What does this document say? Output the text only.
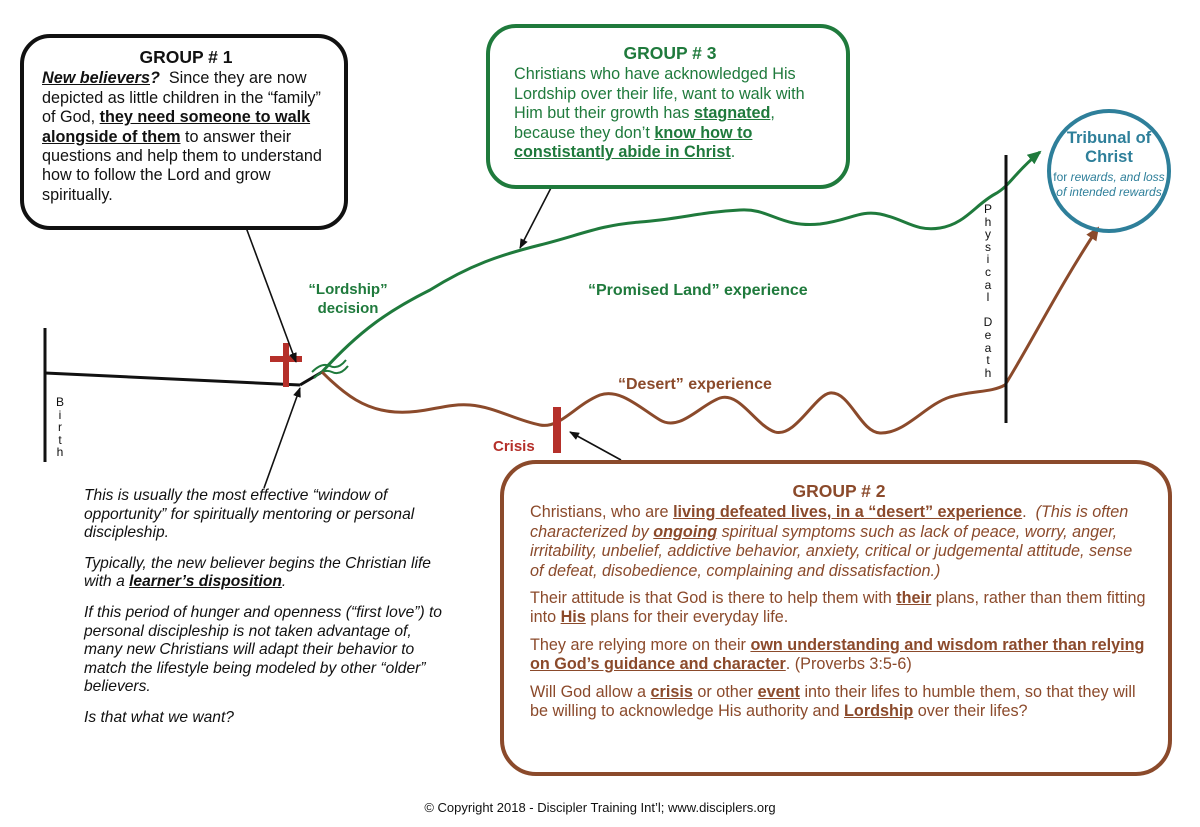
GROUP # 1
New believers?  Since they are now depicted as little children in the “family” of God, they need someone to walk alongside of them to answer their questions and help them to understand how to follow the Lord and grow spiritually.
GROUP # 3
Christians who have acknowledged His Lordship over their life, want to walk with Him but their growth has stagnated, because they don’t know how to constistantly abide in Christ.
Tribunal of Christ
for rewards, and loss of intended rewards
“Lordship” decision
“Promised Land” experience
“Desert” experience
Crisis
B
i
r
t
h
P
h
y
s
i
c
a
l

D
e
a
t
h

This is usually the most effective “window of opportunity” for spiritually mentoring or personal discipleship.

Typically, the new believer begins the Christian life with a learner’s disposition.

If this period of hunger and openness (“first love”) to personal discipleship is not taken advantage of, many new Christians will adapt their behavior to match the lifestyle being modeled by other “older” believers.

Is that what we want?

GROUP # 2

Christians, who are living defeated lives, in a “desert” experience.  (This is often characterized by ongoing spiritual symptoms such as lack of peace, worry, anger, irritability, unbelief, addictive behavior, anxiety, critical or judgemental attitude, sense of defeat, disobedience, complaining and dissatisfaction.)

Their attitude is that God is there to help them with their plans, rather than them fitting into His plans for their everyday life.

They are relying more on their own understanding and wisdom rather than relying on God’s guidance and character. (Proverbs 3:5-6)

Will God allow a crisis or other event into their lifes to humble them, so that they will be willing to acknowledge His authority and Lordship over their lifes?

© Copyright 2018 - Discipler Training Int’l; www.disciplers.org
